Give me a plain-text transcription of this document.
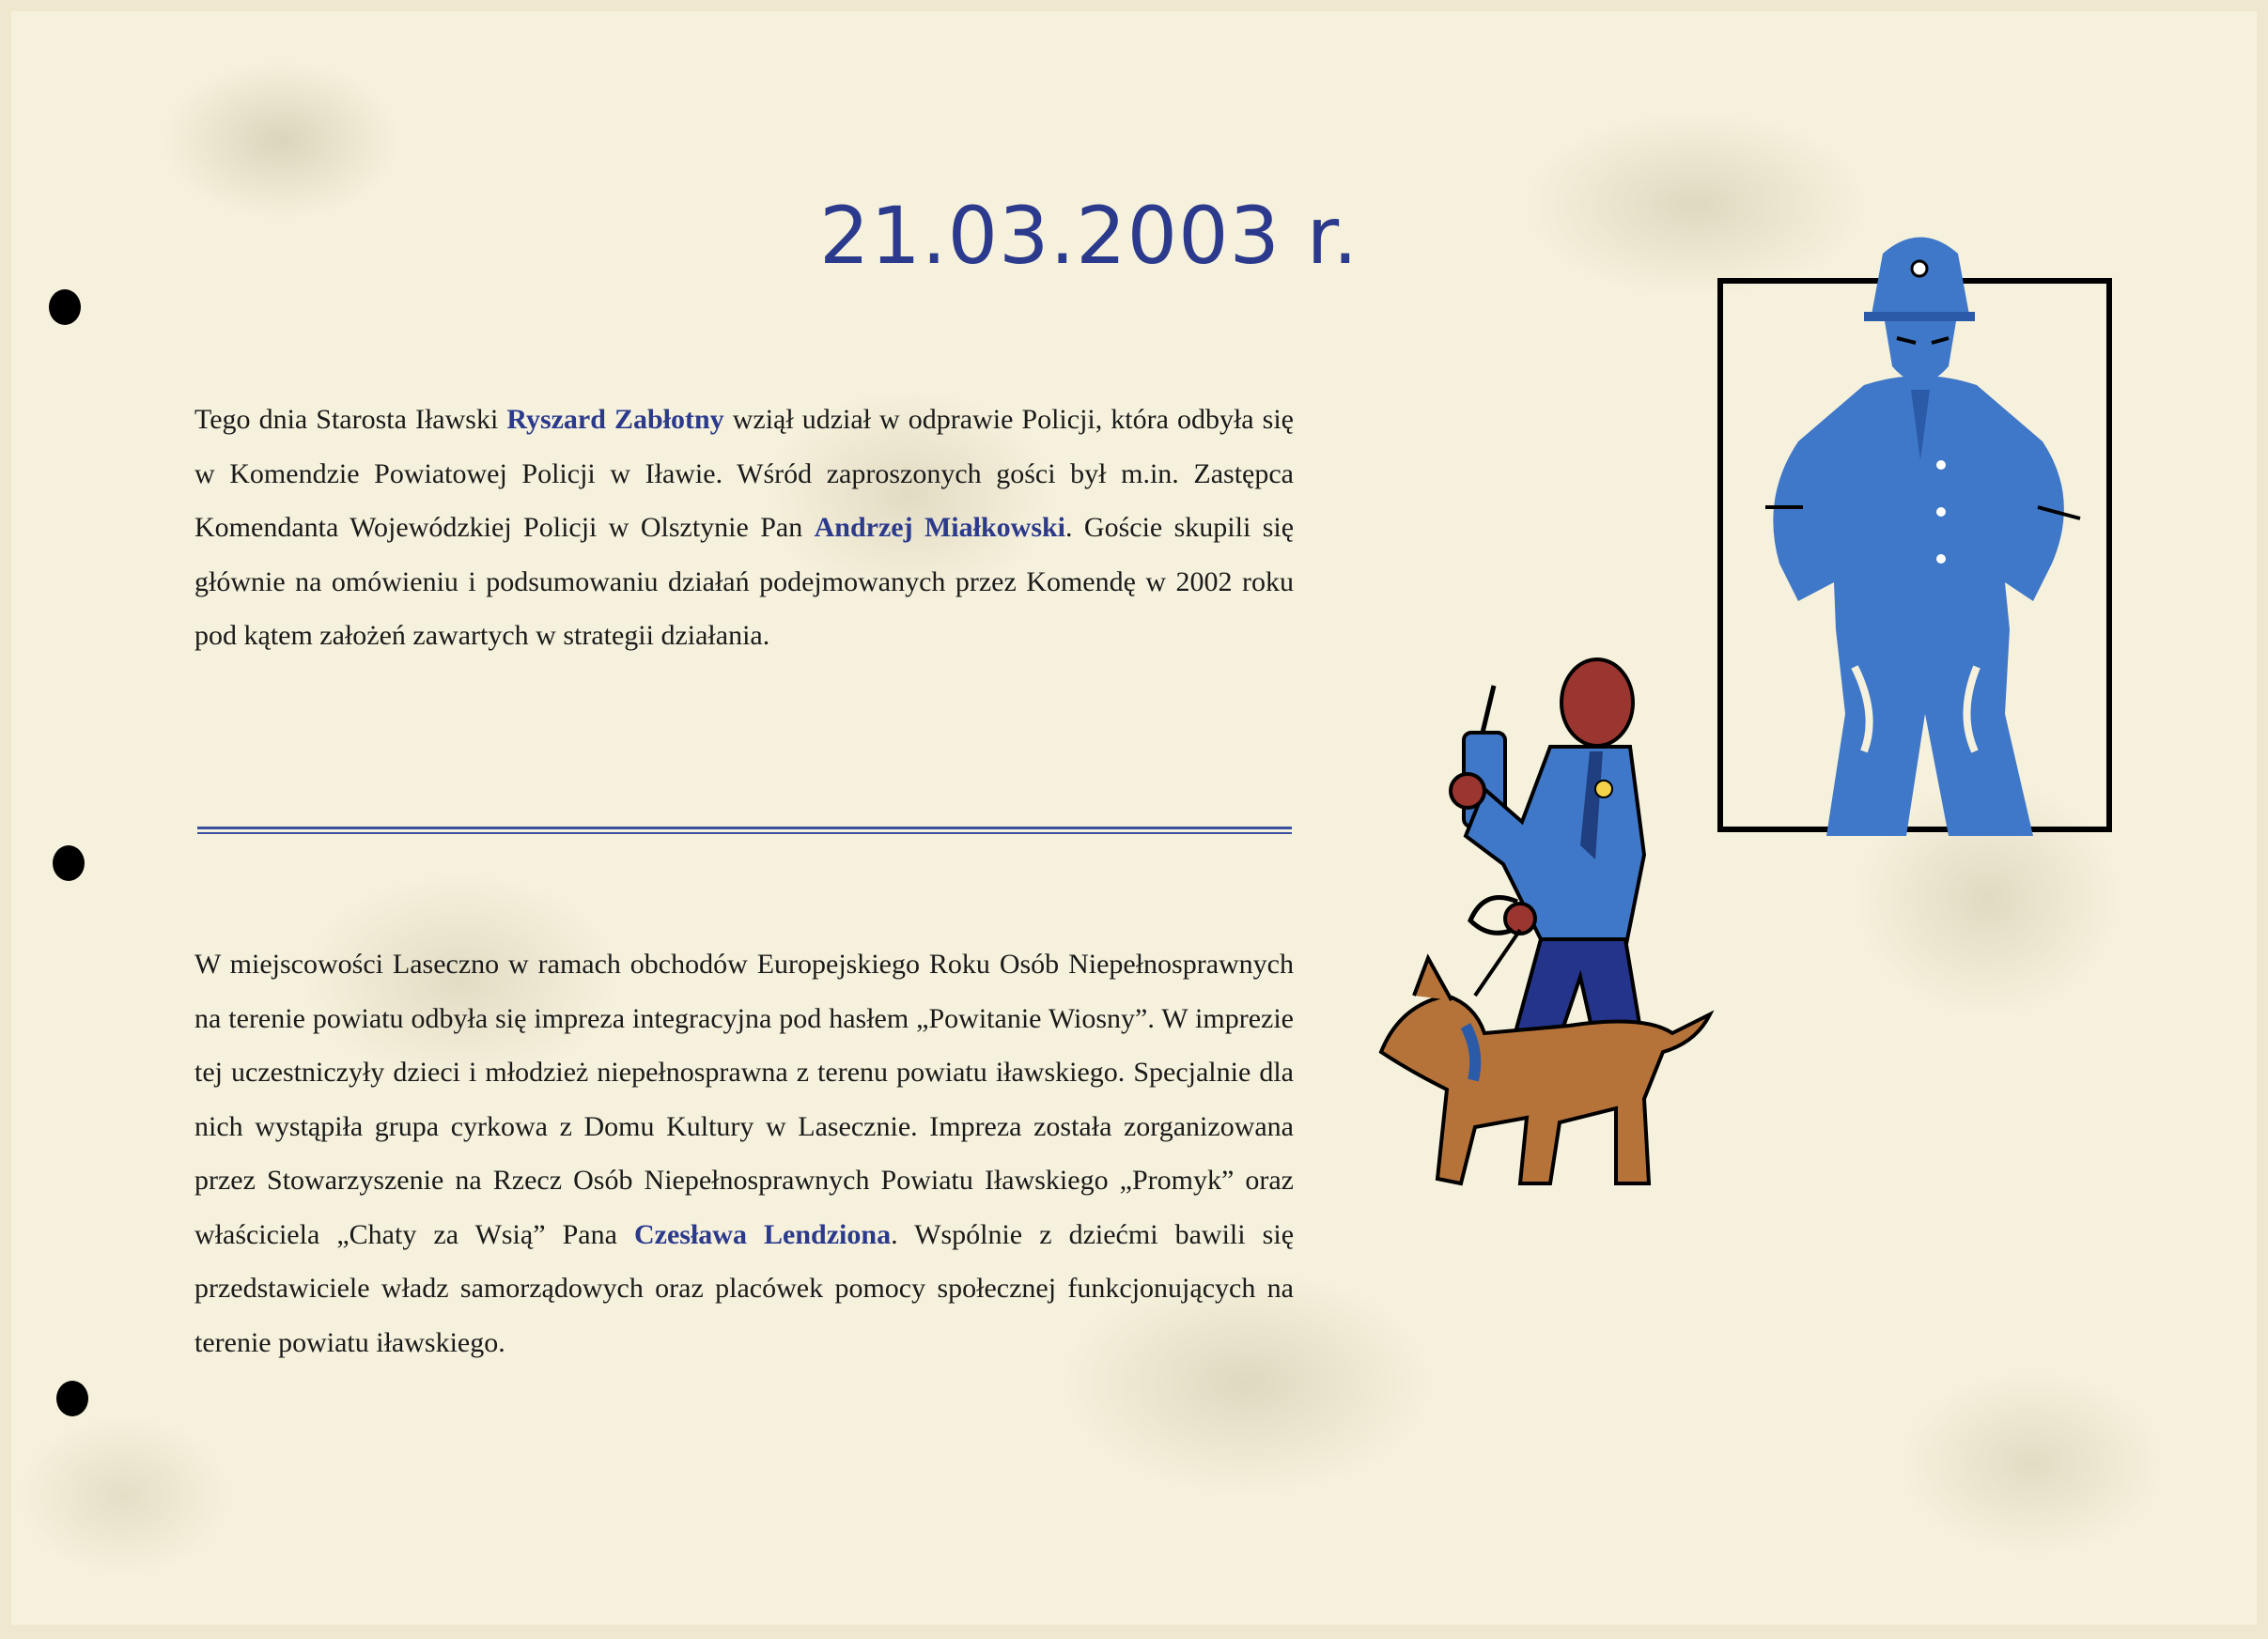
21.03.2003 r.
Tego dnia Starosta Iławski Ryszard Zabłotny wziął udział w odprawie Policji, która odbyła się w Komendzie Powiatowej Policji w Iławie. Wśród zaproszonych gości był m.in. Zastępca Komendanta Wojewódzkiej Policji w Olsztynie Pan Andrzej Miałkowski. Goście skupili się głównie na omówieniu i podsumowaniu działań podejmowanych przez Komendę w 2002 roku pod kątem założeń zawartych w strategii działania.
W miejscowości Laseczno w ramach obchodów Europejskiego Roku Osób Niepełnosprawnych na terenie powiatu odbyła się impreza integracyjna pod hasłem „Powitanie Wiosny”. W imprezie tej uczestniczyły dzieci i młodzież niepełnosprawna z terenu powiatu iławskiego. Specjalnie dla nich wystąpiła grupa cyrkowa z Domu Kultury w Lasecznie. Impreza została zorganizowana przez Stowarzyszenie na Rzecz Osób Niepełnosprawnych Powiatu Iławskiego „Promyk” oraz właściciela „Chaty za Wsią” Pana Czesława Lendziona. Wspólnie z dziećmi bawili się przedstawiciele władz samorządowych oraz placówek pomocy społecznej funkcjonujących na terenie powiatu iławskiego.
